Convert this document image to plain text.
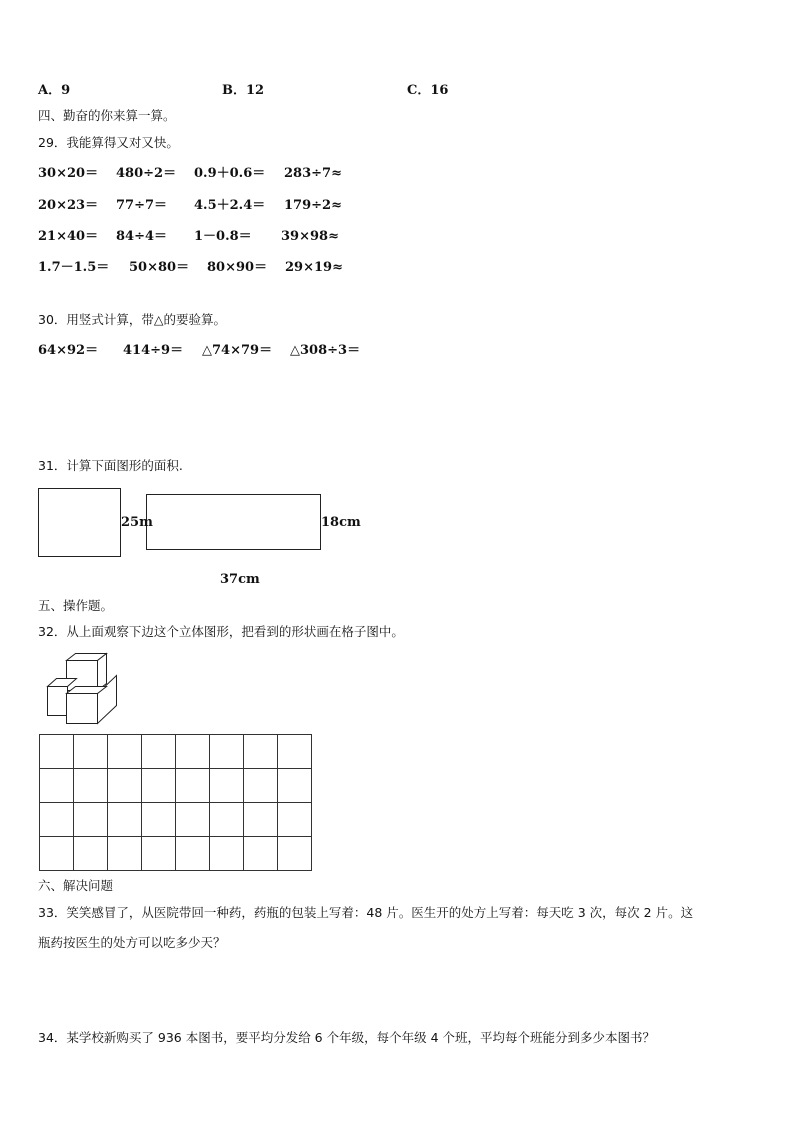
A．9	B．12	C．16
四、勤奋的你来算一算。
29．我能算得又对又快。
30×20＝ 480÷2＝ 0.9＋0.6＝ 283÷7≈
20×23＝ 77÷7＝ 4.5＋2.4＝ 179÷2≈
21×40＝ 84÷4＝ 1－0.8＝ 39×98≈
1.7－1.5＝ 50×80＝ 80×90＝ 29×19≈
30．用竖式计算，带△的要验算。
64×92＝ 414÷9＝ △74×79＝ △308÷3＝
31．计算下面图形的面积.
25m	18cm
37cm
五、操作题。
32．从上面观察下边这个立体图形，把看到的形状画在格子图中。
六、解决问题
33．笑笑感冒了，从医院带回一种药，药瓶的包装上写着：48 片。医生开的处方上写着：每天吃 3 次，每次 2 片。这
瓶药按医生的处方可以吃多少天？
34．某学校新购买了 936 本图书，要平均分发给 6 个年级，每个年级 4 个班，平均每个班能分到多少本图书？
